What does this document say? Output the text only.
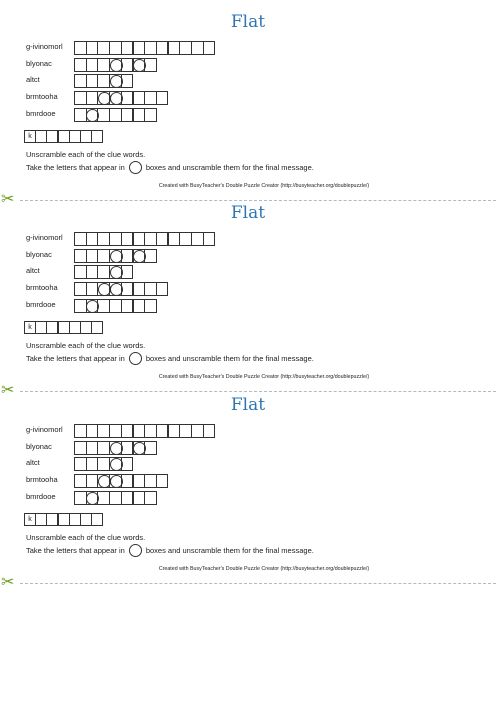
Flat
g-ivinomorl
blyonac
altct
brmtooha
bmrdooe
k
Unscramble each of the clue words.
Take the letters that appear in	boxes and unscramble them for the final message.
Created with BusyTeacher's Double Puzzle Creator (http://busyteacher.org/doublepuzzle/)
✂
Flat
g-ivinomorl
blyonac
altct
brmtooha
bmrdooe
k
Unscramble each of the clue words.
Take the letters that appear in	boxes and unscramble them for the final message.
Created with BusyTeacher's Double Puzzle Creator (http://busyteacher.org/doublepuzzle/)
✂
Flat
g-ivinomorl
blyonac
altct
brmtooha
bmrdooe
k
Unscramble each of the clue words.
Take the letters that appear in	boxes and unscramble them for the final message.
Created with BusyTeacher's Double Puzzle Creator (http://busyteacher.org/doublepuzzle/)
✂
